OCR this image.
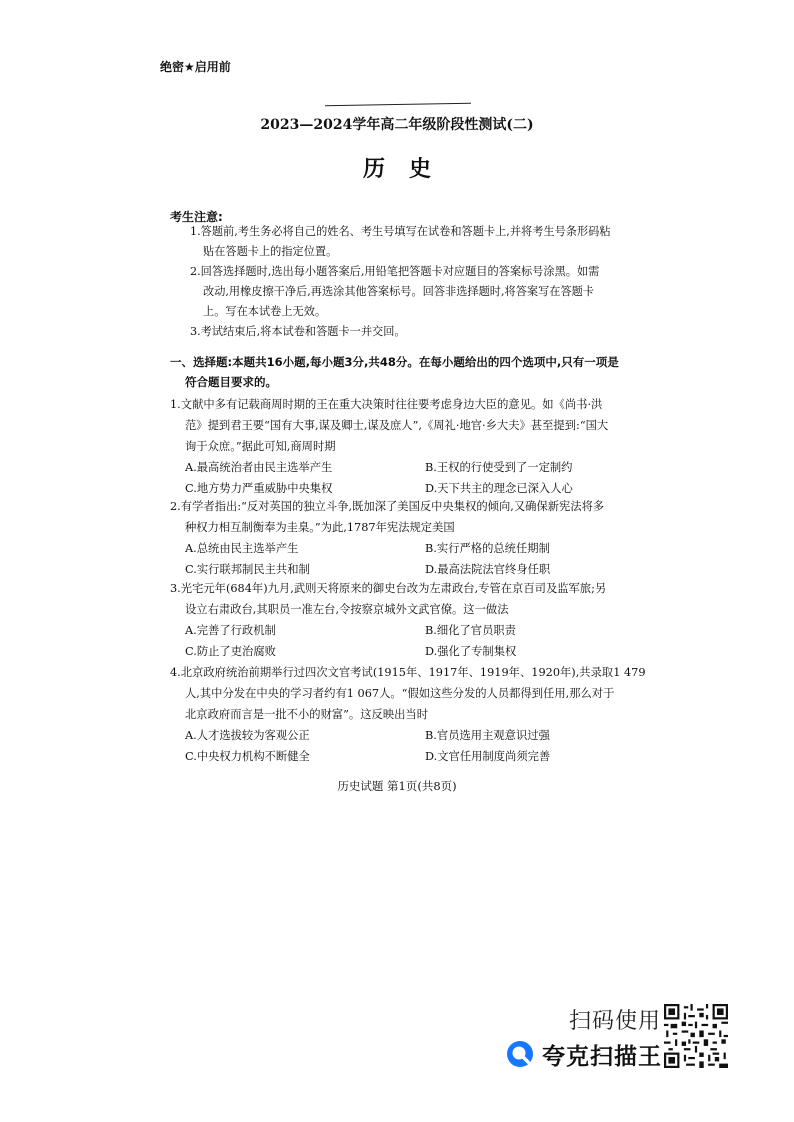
绝密★启用前
2023—2024学年高二年级阶段性测试(二)
历史
考生注意:
1.答题前,考生务必将自己的姓名、考生号填写在试卷和答题卡上,并将考生号条形码粘
贴在答题卡上的指定位置。
2.回答选择题时,选出每小题答案后,用铅笔把答题卡对应题目的答案标号涂黑。如需
改动,用橡皮擦干净后,再选涂其他答案标号。回答非选择题时,将答案写在答题卡
上。写在本试卷上无效。
3.考试结束后,将本试卷和答题卡一并交回。
一、选择题:本题共16小题,每小题3分,共48分。在每小题给出的四个选项中,只有一项是
符合题目要求的。
1.文献中多有记载商周时期的王在重大决策时往往要考虑身边大臣的意见。如《尚书·洪
范》提到君王要“国有大事,谋及卿士,谋及庶人”,《周礼·地官·乡大夫》甚至提到:“国大
询于众庶。”据此可知,商周时期
A.最高统治者由民主选举产生	B.王权的行使受到了一定制约
C.地方势力严重威胁中央集权	D.天下共主的理念已深入人心
2.有学者指出:“反对英国的独立斗争,既加深了美国反中央集权的倾向,又确保新宪法将多
种权力相互制衡奉为圭臬。”为此,1787年宪法规定美国
A.总统由民主选举产生	B.实行严格的总统任期制
C.实行联邦制民主共和制	D.最高法院法官终身任职
3.光宅元年(684年)九月,武则天将原来的御史台改为左肃政台,专管在京百司及监军旅;另
设立右肃政台,其职员一准左台,令按察京城外文武官僚。这一做法
A.完善了行政机制	B.细化了官员职责
C.防止了吏治腐败	D.强化了专制集权
4.北京政府统治前期举行过四次文官考试(1915年、1917年、1919年、1920年),共录取1 479
人,其中分发在中央的学习者约有1 067人。“假如这些分发的人员都得到任用,那么对于
北京政府而言是一批不小的财富”。这反映出当时
A.人才选拔较为客观公正	B.官员选用主观意识过强
C.中央权力机构不断健全	D.文官任用制度尚须完善
历史试题 第1页(共8页)
扫码使用
夸克扫描王
